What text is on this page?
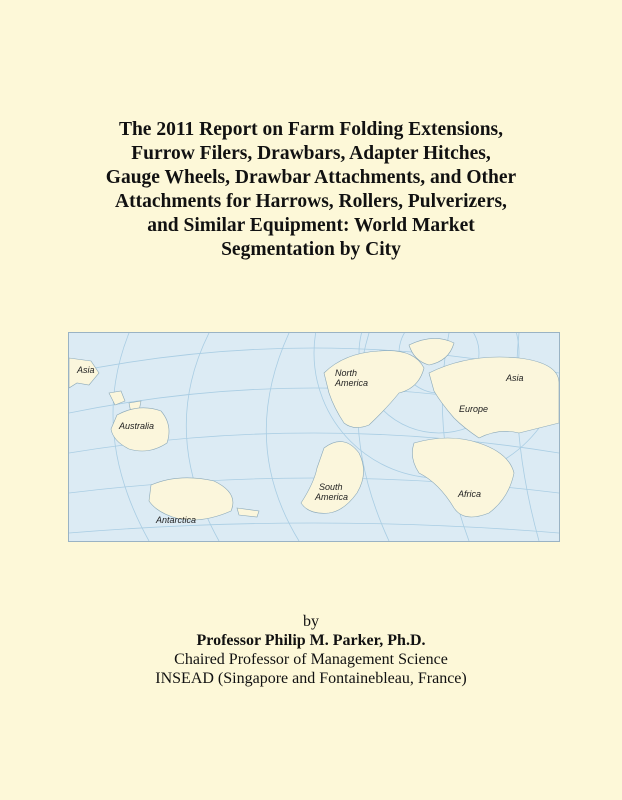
The 2011 Report on Farm Folding Extensions,
Furrow Filers, Drawbars, Adapter Hitches,
Gauge Wheels, Drawbar Attachments, and Other
Attachments for Harrows, Rollers, Pulverizers,
and Similar Equipment: World Market
Segmentation by City
Asia	North
America	Asia
Australia
Europe
South
America	Africa
Antarctica
by
Professor Philip M. Parker, Ph.D.
Chaired Professor of Management Science
INSEAD (Singapore and Fontainebleau, France)
